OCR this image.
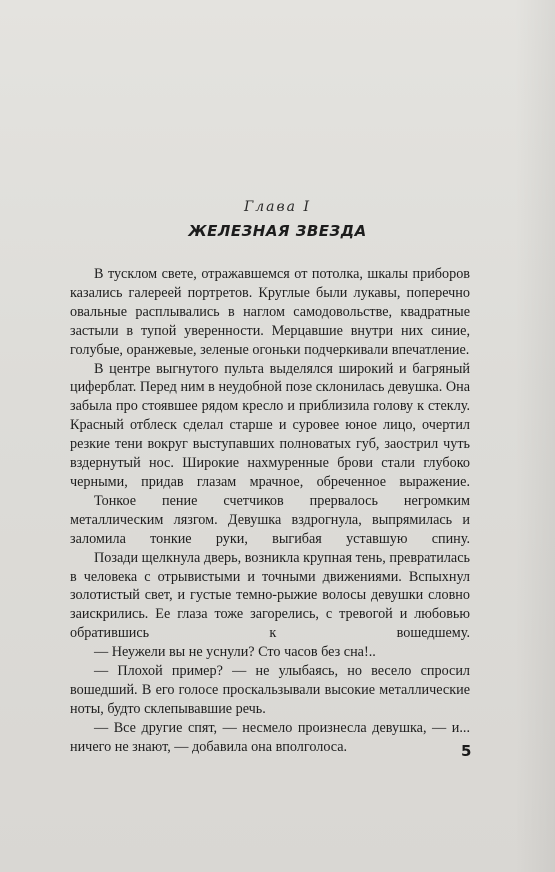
Глава I
ЖЕЛЕЗНАЯ ЗВЕЗДА

В тусклом свете, отражавшемся от потолка, шкалы приборов казались галереей портретов. Круглые были лукавы, поперечно овальные расплывались в наглом самодовольстве, квадратные застыли в тупой уверенности. Мерцавшие внутри них синие, голубые, оранжевые, зеленые огоньки подчеркивали впечатление.

В центре выгнутого пульта выделялся широкий и багряный циферблат. Перед ним в неудобной позе склонилась девушка. Она забыла про стоявшее рядом кресло и приблизила голову к стеклу. Красный отблеск сделал старше и суровее юное лицо, очертил резкие тени вокруг выступавших полноватых губ, заострил чуть вздернутый нос. Широкие нахмуренные брови стали глубоко черными, придав глазам мрачное, обреченное выражение.

Тонкое пение счетчиков прервалось негромким металлическим лязгом. Девушка вздрогнула, выпрямилась и заломила тонкие руки, выгибая уставшую спину.

Позади щелкнула дверь, возникла крупная тень, превратилась в человека с отрывистыми и точными движениями. Вспыхнул золотистый свет, и густые темно-рыжие волосы девушки словно заискрились. Ее глаза тоже загорелись, с тревогой и любовью обратившись к вошедшему.

— Неужели вы не уснули? Сто часов без сна!..

— Плохой пример? — не улыбаясь, но весело спросил вошедший. В его голосе проскальзывали высокие металлические ноты, будто склепывавшие речь.

— Все другие спят, — несмело произнесла девушка, — и... ничего не знают, — добавила она вполголоса.	5
